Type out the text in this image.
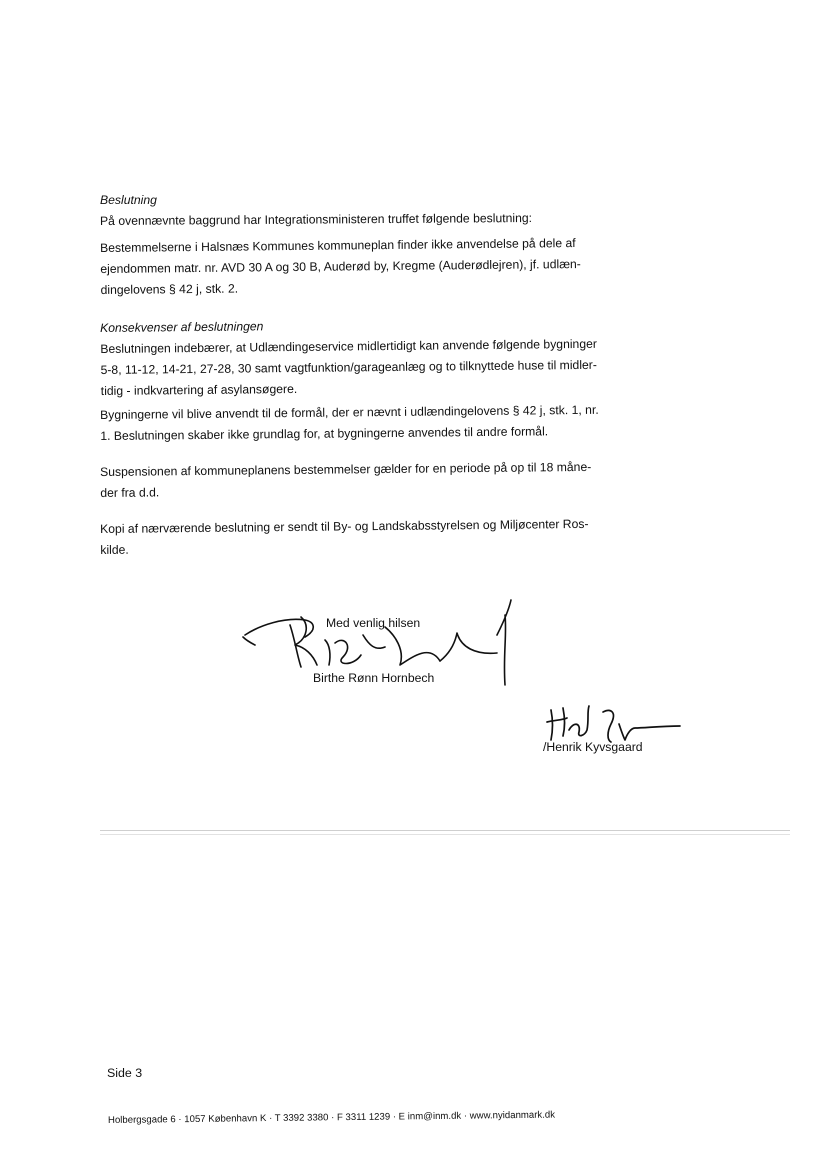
Beslutning

På ovennævnte baggrund har Integrationsministeren truffet følgende beslutning:

Bestemmelserne i Halsnæs Kommunes kommuneplan finder ikke anvendelse på dele af

ejendommen matr. nr. AVD 30 A og 30 B, Auderød by, Kregme (Auderødlejren), jf. udlæn-

dingelovens § 42 j, stk. 2.

Konsekvenser af beslutningen

Beslutningen indebærer, at Udlændingeservice midlertidigt kan anvende følgende bygninger

5-8, 11-12, 14-21, 27-28, 30 samt vagtfunktion/garageanlæg og to tilknyttede huse til midler-

tidig - indkvartering af asylansøgere.

Bygningerne vil blive anvendt til de formål, der er nævnt i udlændingelovens § 42 j, stk. 1, nr.

1. Beslutningen skaber ikke grundlag for, at bygningerne anvendes til andre formål.

Suspensionen af kommuneplanens bestemmelser gælder for en periode på op til 18 måne-

der fra d.d.

Kopi af nærværende beslutning er sendt til By- og Landskabsstyrelsen og Miljøcenter Ros-

kilde.

Med venlig hilsen
Birthe Rønn Hornbech
/Henrik Kyvsgaard
Side 3
Holbergsgade 6 · 1057 København K · T 3392 3380 · F 3311 1239 · E inm@inm.dk · www.nyidanmark.dk
